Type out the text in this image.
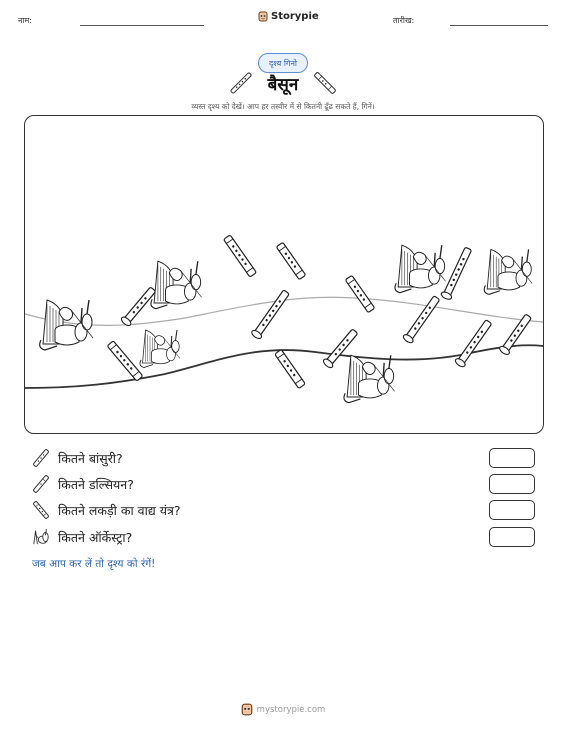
नाम:	Storypie	तारीख:
दृश्य गिनो
बैसून
व्यस्त दृश्य को देखें। आप हर तस्वीर में से कितनी ढूँढ सकते हैं, गिनें।
कितने बांसुरी?
कितने डल्सियन?
कितने लकड़ी का वाद्य यंत्र?
कितने ऑर्केस्ट्रा?
जब आप कर लें तो दृश्य को रंगें!
mystorypie.com
